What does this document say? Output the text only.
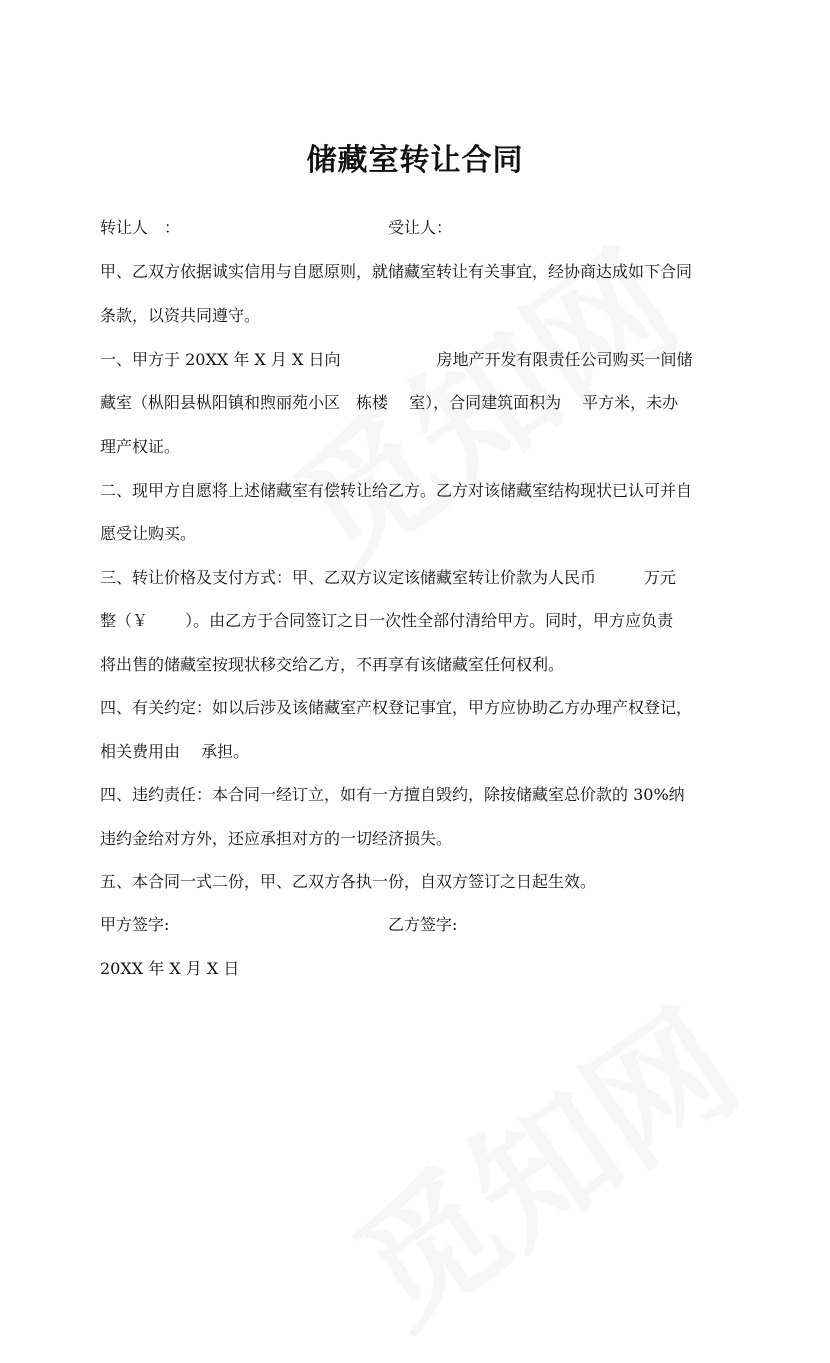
储藏室转让合同
转让人　：	受让人：
甲、乙双方依据诚实信用与自愿原则，就储藏室转让有关事宜，经协商达成如下合同
条款，以资共同遵守。
一、甲方于 20XX 年 X 月 X 日向　　　　　　房地产开发有限责任公司购买一间储
藏室（枞阳县枞阳镇和煦丽苑小区　栋楼　 室），合同建筑面积为　 平方米，未办
理产权证。
二、现甲方自愿将上述储藏室有偿转让给乙方。乙方对该储藏室结构现状已认可并自
愿受让购买。
三、转让价格及支付方式：甲、乙双方议定该储藏室转让价款为人民币　　　万元
整（￥　　 ）。由乙方于合同签订之日一次性全部付清给甲方。同时，甲方应负责
将出售的储藏室按现状移交给乙方，不再享有该储藏室任何权利。
四、有关约定：如以后涉及该储藏室产权登记事宜，甲方应协助乙方办理产权登记，
相关费用由　 承担。
四、违约责任：本合同一经订立，如有一方擅自毁约，除按储藏室总价款的 30%纳
违约金给对方外，还应承担对方的一切经济损失。
五、本合同一式二份，甲、乙双方各执一份，自双方签订之日起生效。
甲方签字:	乙方签字:
20XX 年 X 月 X 日
